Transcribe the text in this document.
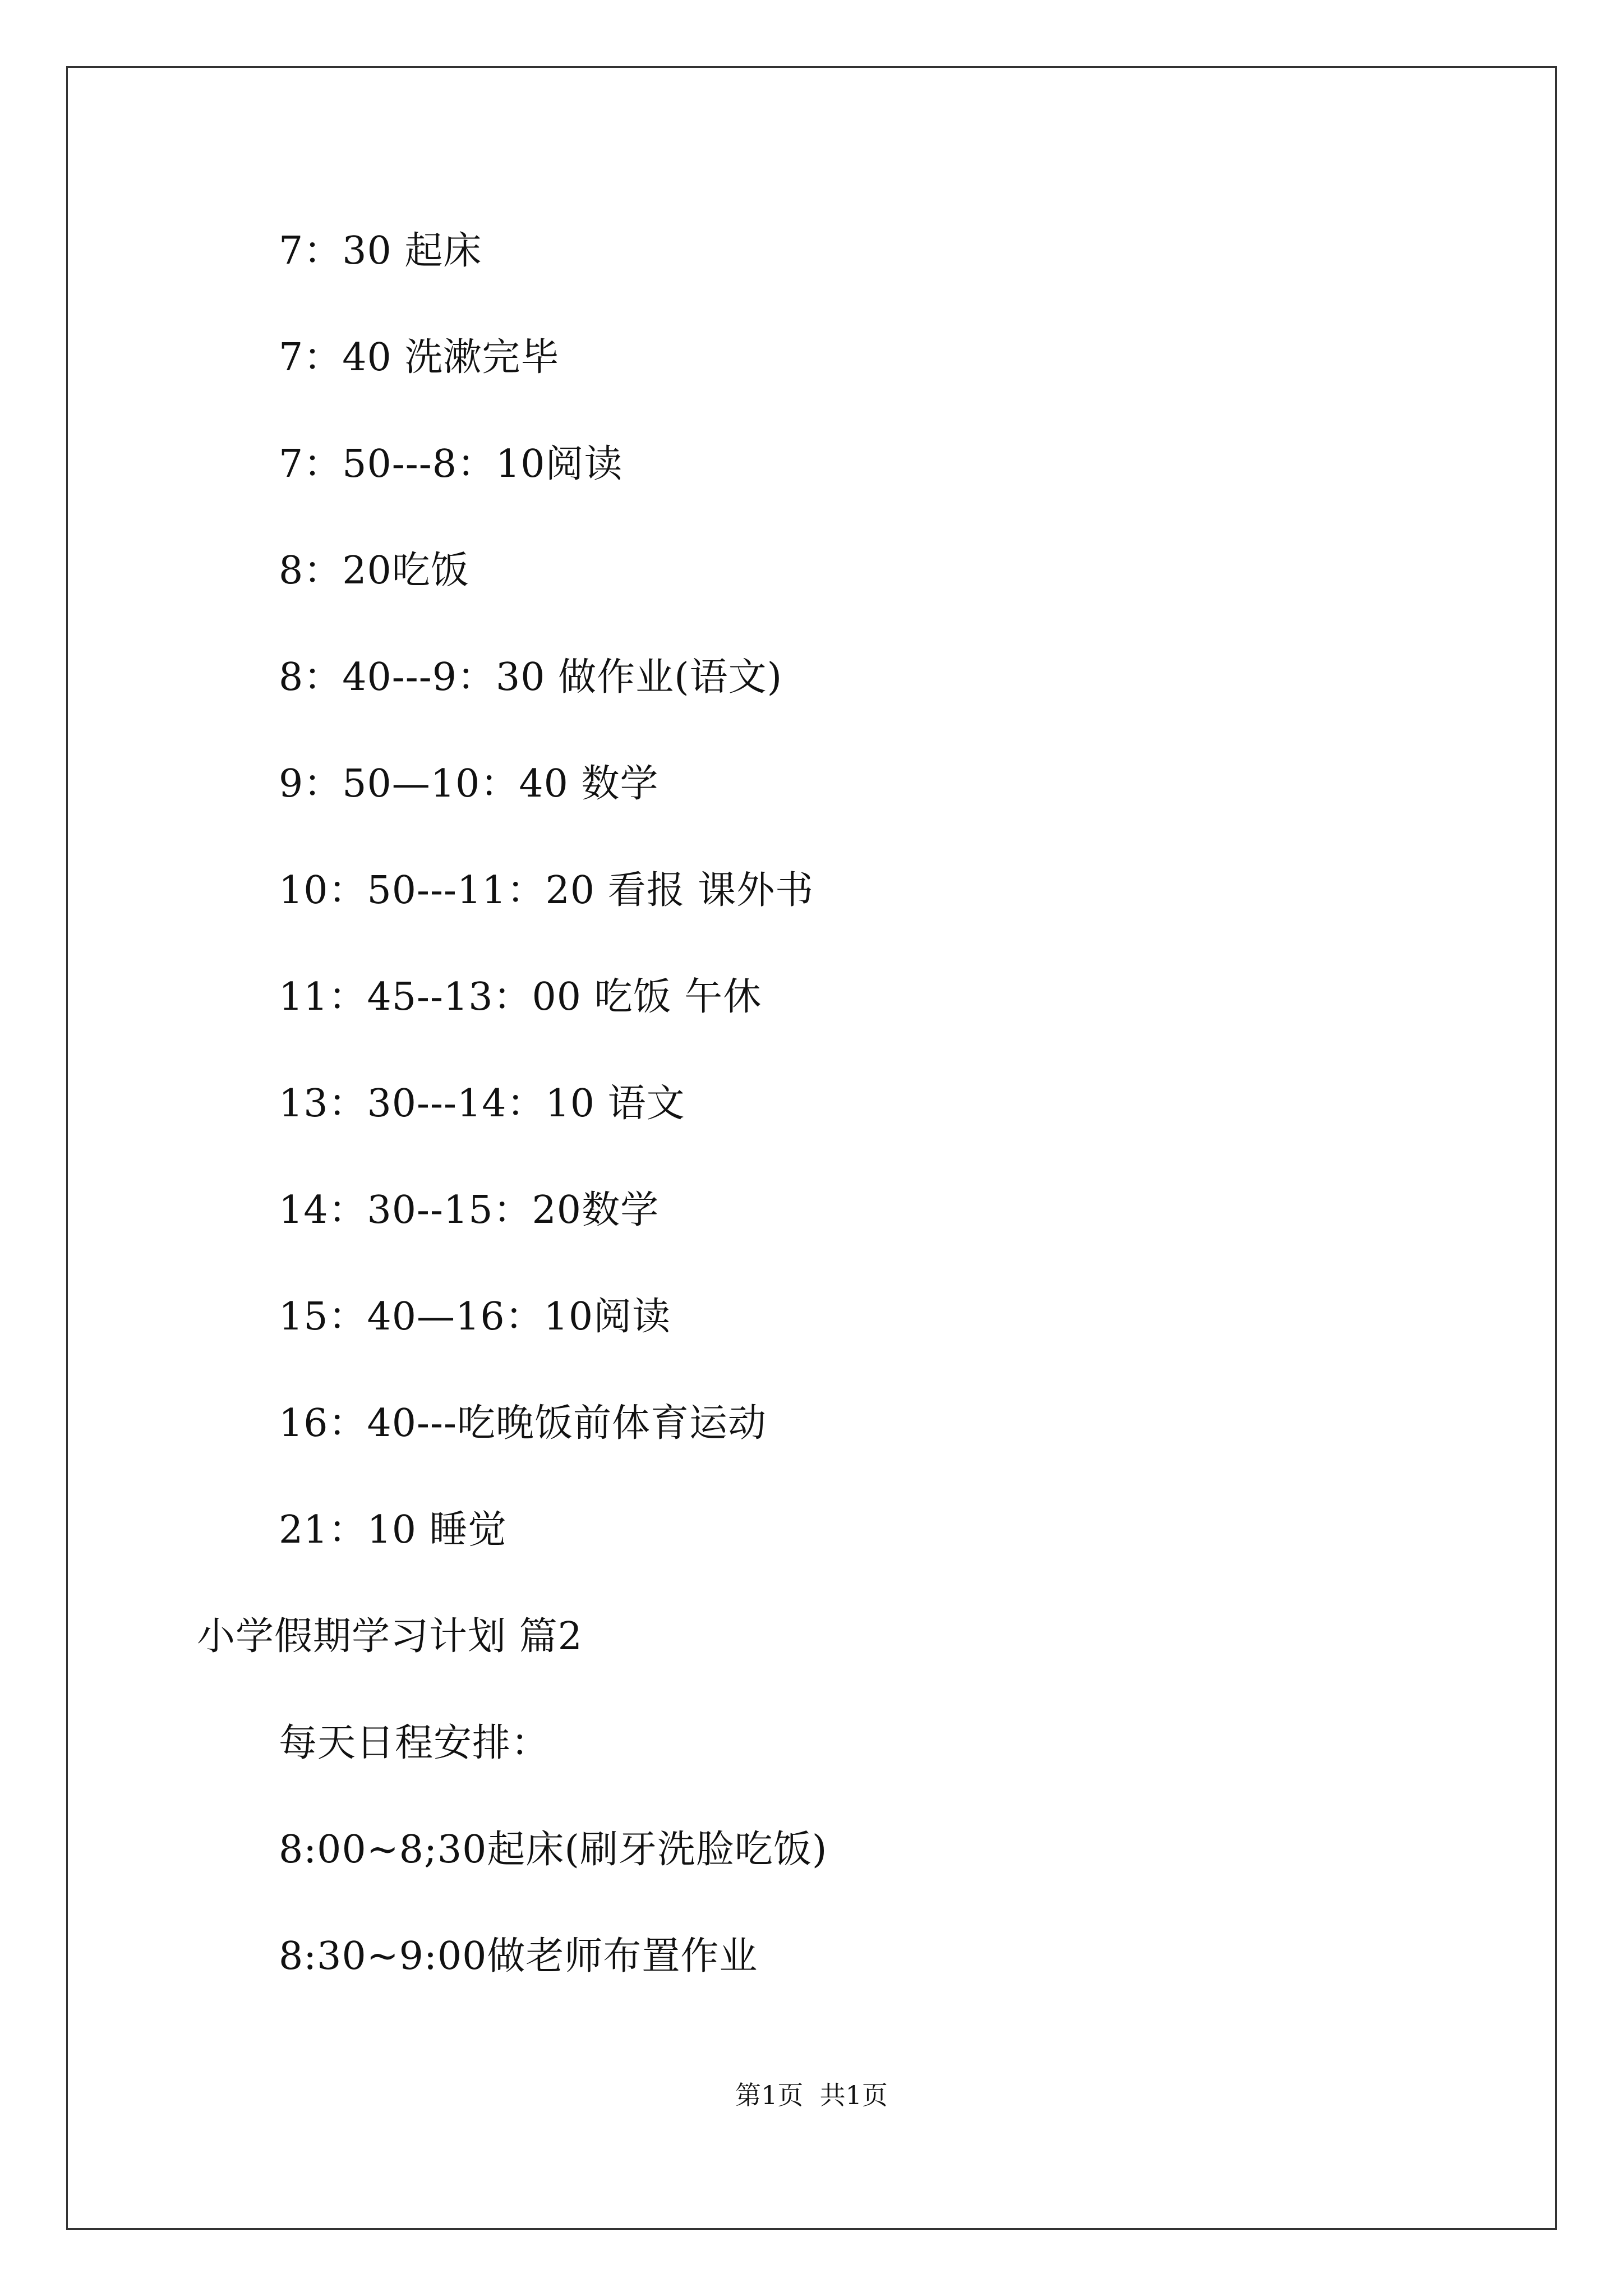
7：30 起床
7：40 洗漱完毕
7：50---8：10阅读
8：20吃饭
8：40---9：30 做作业(语文)
9：50—10：40 数学
10：50---11：20 看报 课外书
11：45--13：00 吃饭 午休
13：30---14：10 语文
14：30--15：20数学
15：40—16：10阅读
16：40---吃晚饭前体育运动
21：10 睡觉
小学假期学习计划 篇2
每天日程安排：
8:00~8;30起床(刷牙洗脸吃饭)
8:30~9:00做老师布置作业
第1页  共1页
